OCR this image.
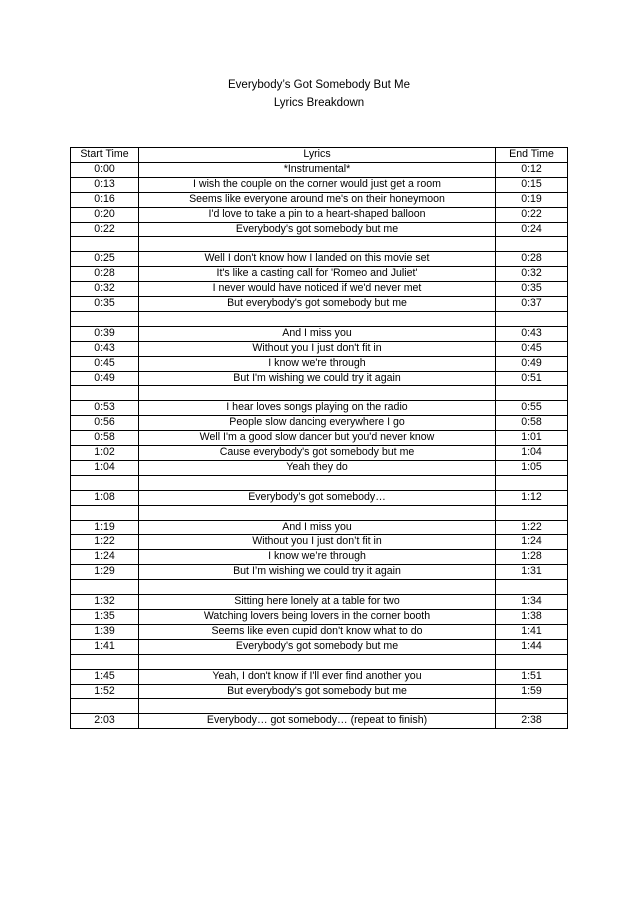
Everybody’s Got Somebody But Me
Lyrics Breakdown
Start Time	Lyrics	End Time
0:00	*Instrumental*	0:12
0:13	I wish the couple on the corner would just get a room	0:15
0:16	Seems like everyone around me's on their honeymoon	0:19
0:20	I'd love to take a pin to a heart-shaped balloon	0:22
0:22	Everybody's got somebody but me	0:24

0:25	Well I don't know how I landed on this movie set	0:28
0:28	It's like a casting call for 'Romeo and Juliet'	0:32
0:32	I never would have noticed if we'd never met	0:35
0:35	But everybody's got somebody but me	0:37

0:39	And I miss you	0:43
0:43	Without you I just don't fit in	0:45
0:45	I know we're through	0:49
0:49	But I'm wishing we could try it again	0:51

0:53	I hear loves songs playing on the radio	0:55
0:56	People slow dancing everywhere I go	0:58
0:58	Well I'm a good slow dancer but you'd never know	1:01
1:02	Cause everybody's got somebody but me	1:04
1:04	Yeah they do	1:05

1:08	Everybody’s got somebody…	1:12

1:19	And I miss you	1:22
1:22	Without you I just don’t fit in	1:24
1:24	I know we’re through	1:28
1:29	But I’m wishing we could try it again	1:31

1:32	Sitting here lonely at a table for two	1:34
1:35	Watching lovers being lovers in the corner booth	1:38
1:39	Seems like even cupid don't know what to do	1:41
1:41	Everybody's got somebody but me	1:44

1:45	Yeah, I don't know if I'll ever find another you	1:51
1:52	But everybody's got somebody but me	1:59

2:03	Everybody… got somebody… (repeat to finish)	2:38
